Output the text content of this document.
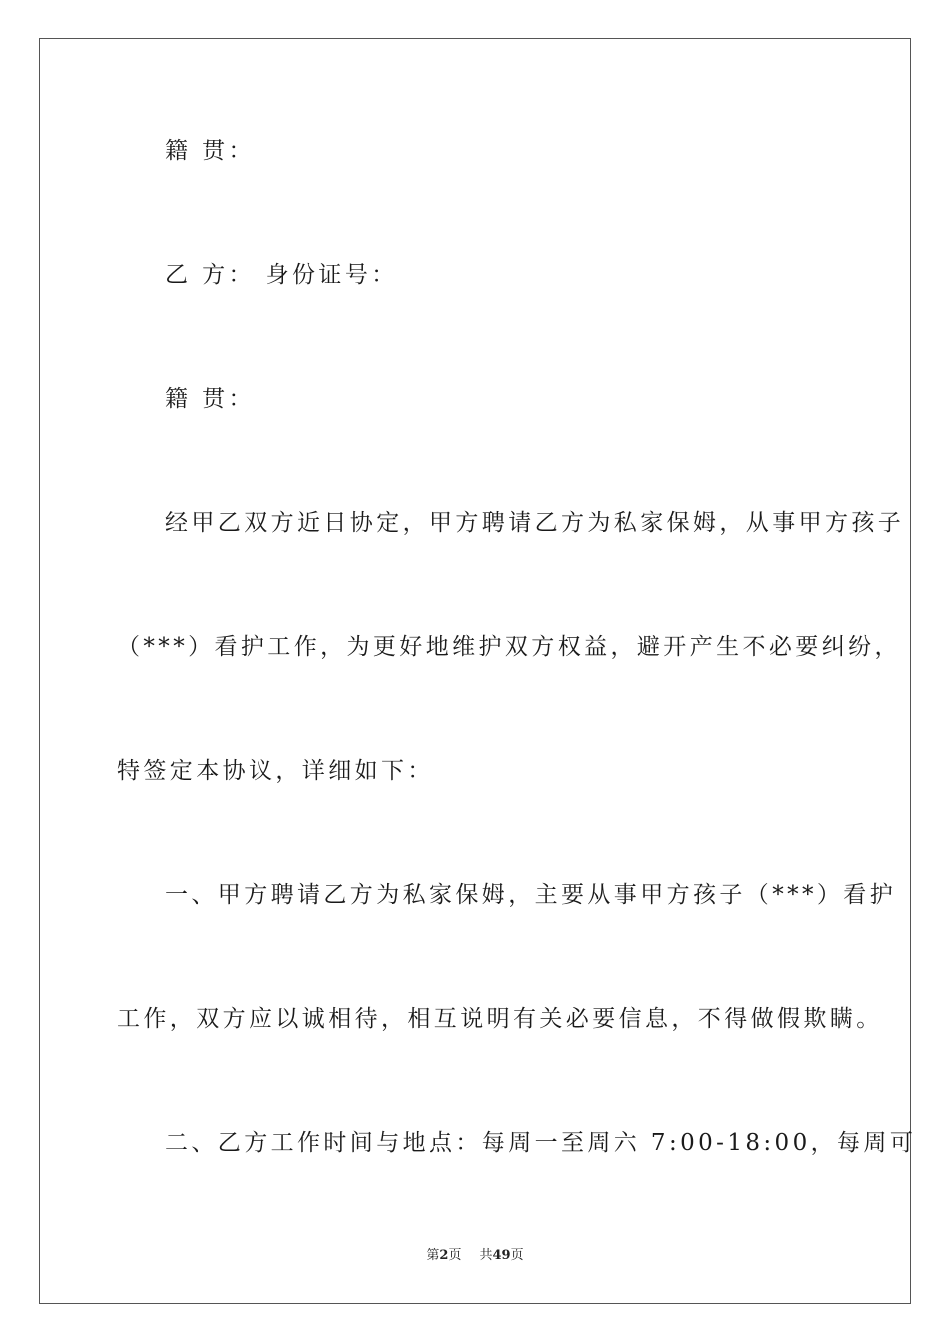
籍 贯：
乙 方： 身份证号：
籍 贯：
经甲乙双方近日协定，甲方聘请乙方为私家保姆，从事甲方孩子
（***）看护工作，为更好地维护双方权益，避开产生不必要纠纷，
特签定本协议，详细如下：
一、甲方聘请乙方为私家保姆，主要从事甲方孩子（***）看护
工作，双方应以诚相待，相互说明有关必要信息，不得做假欺瞒。
二、乙方工作时间与地点：每周一至周六 7:00-18:00，每周可
第2页 共49页
